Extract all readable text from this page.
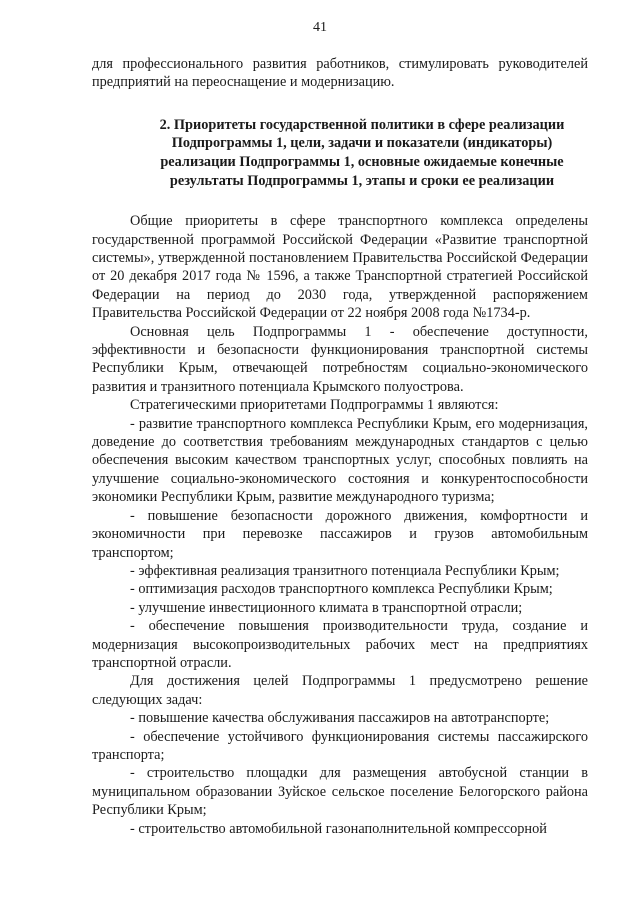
41

для профессионального развития работников, стимулировать руководителей предприятий на переоснащение и модернизацию.

2. Приоритеты государственной политики в сфере реализации Подпрограммы 1, цели, задачи и показатели (индикаторы) реализации Подпрограммы 1, основные ожидаемые конечные результаты Подпрограммы 1, этапы и сроки ее реализации

Общие приоритеты в сфере транспортного комплекса определены государственной программой Российской Федерации «Развитие транспортной системы», утвержденной постановлением Правительства Российской Федерации от 20 декабря 2017 года № 1596, а также Транспортной стратегией Российской Федерации на период до 2030 года, утвержденной распоряжением Правительства Российской Федерации от 22 ноября 2008 года №1734-р.

Основная цель Подпрограммы 1 - обеспечение доступности, эффективности и безопасности функционирования транспортной системы Республики Крым, отвечающей потребностям социально-экономического развития и транзитного потенциала Крымского полуострова.

Стратегическими приоритетами Подпрограммы 1 являются:

- развитие транспортного комплекса Республики Крым, его модернизация, доведение до соответствия требованиям международных стандартов с целью обеспечения высоким качеством транспортных услуг, способных повлиять на улучшение социально-экономического состояния и конкурентоспособности экономики Республики Крым, развитие международного туризма;

- повышение безопасности дорожного движения, комфортности и экономичности при перевозке пассажиров и грузов автомобильным транспортом;

- эффективная реализация транзитного потенциала Республики Крым;

- оптимизация расходов транспортного комплекса Республики Крым;

- улучшение инвестиционного климата в транспортной отрасли;

- обеспечение повышения производительности труда, создание и модернизация высокопроизводительных рабочих мест на предприятиях транспортной отрасли.

Для достижения целей Подпрограммы 1 предусмотрено решение следующих задач:

- повышение качества обслуживания пассажиров на автотранспорте;

- обеспечение устойчивого функционирования системы пассажирского транспорта;

- строительство площадки для размещения автобусной станции в муниципальном образовании Зуйское сельское поселение Белогорского района Республики Крым;

- строительство автомобильной газонаполнительной компрессорной
